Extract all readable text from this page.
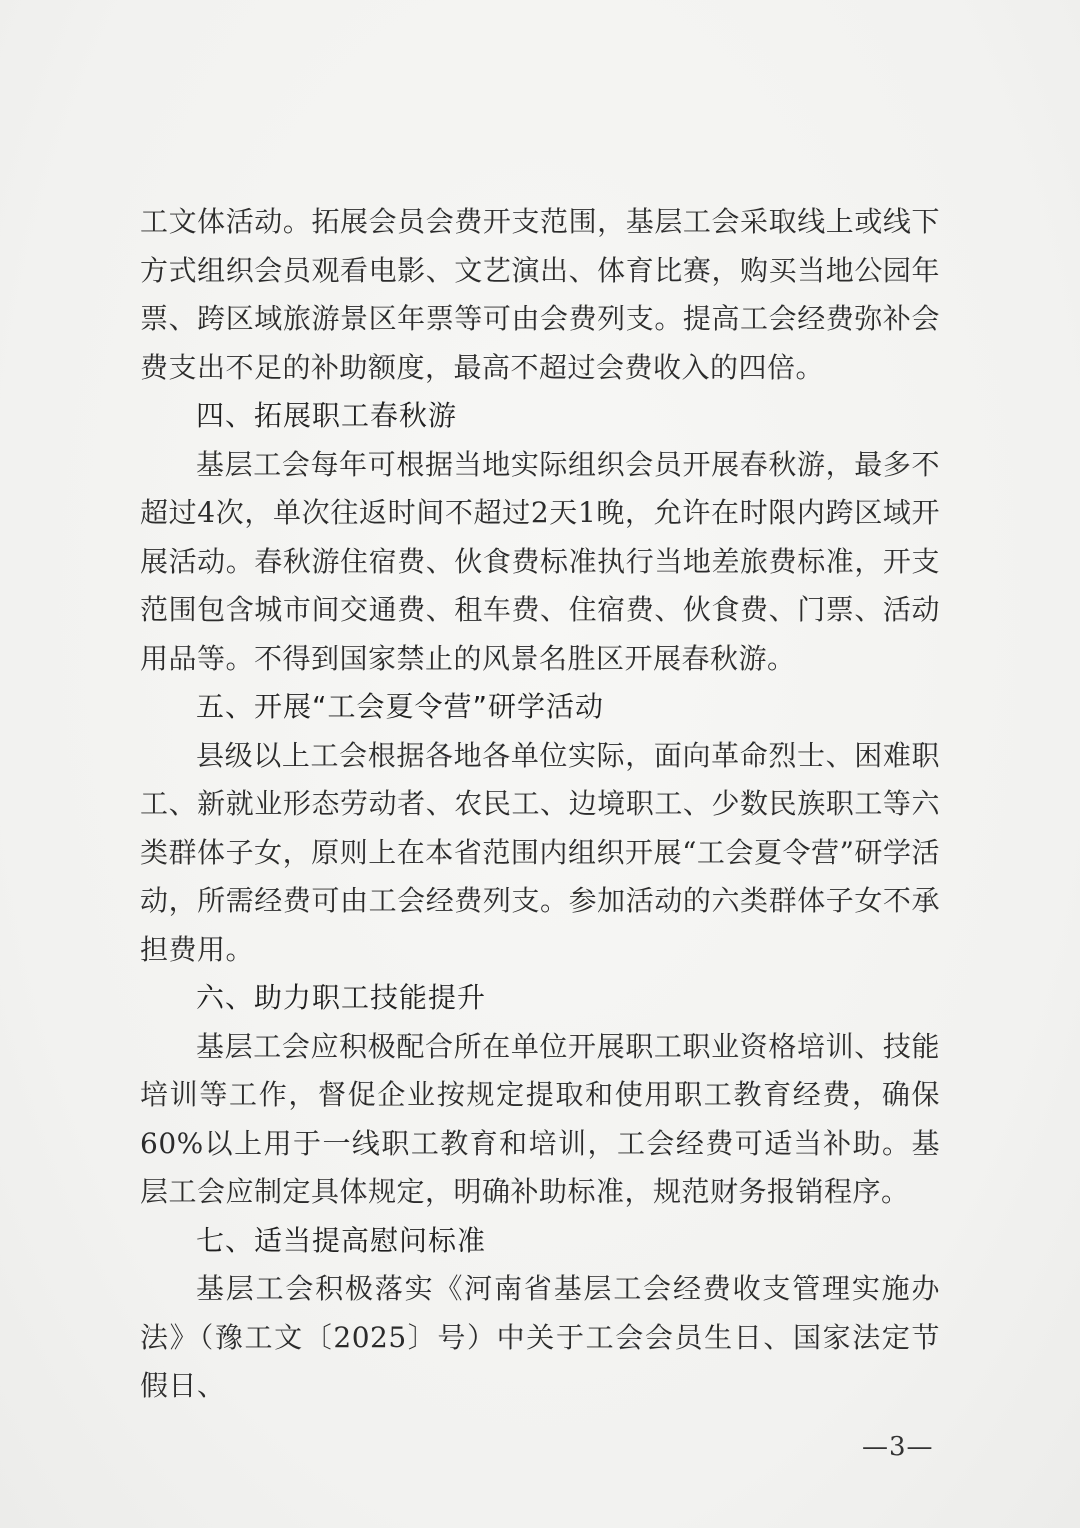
工文体活动。拓展会员会费开支范围，基层工会采取线上或线下方式组织会员观看电影、文艺演出、体育比赛，购买当地公园年票、跨区域旅游景区年票等可由会费列支。提高工会经费弥补会费支出不足的补助额度，最高不超过会费收入的四倍。

四、拓展职工春秋游

基层工会每年可根据当地实际组织会员开展春秋游，最多不超过4次，单次往返时间不超过2天1晚，允许在时限内跨区域开展活动。春秋游住宿费、伙食费标准执行当地差旅费标准，开支范围包含城市间交通费、租车费、住宿费、伙食费、门票、活动用品等。不得到国家禁止的风景名胜区开展春秋游。

五、开展“工会夏令营”研学活动

县级以上工会根据各地各单位实际，面向革命烈士、困难职工、新就业形态劳动者、农民工、边境职工、少数民族职工等六类群体子女，原则上在本省范围内组织开展“工会夏令营”研学活动，所需经费可由工会经费列支。参加活动的六类群体子女不承担费用。

六、助力职工技能提升

基层工会应积极配合所在单位开展职工职业资格培训、技能培训等工作，督促企业按规定提取和使用职工教育经费，确保60%以上用于一线职工教育和培训，工会经费可适当补助。基层工会应制定具体规定，明确补助标准，规范财务报销程序。

七、适当提高慰问标准

基层工会积极落实《河南省基层工会经费收支管理实施办法》（豫工文〔2025〕号）中关于工会会员生日、国家法定节假日、

—3—
